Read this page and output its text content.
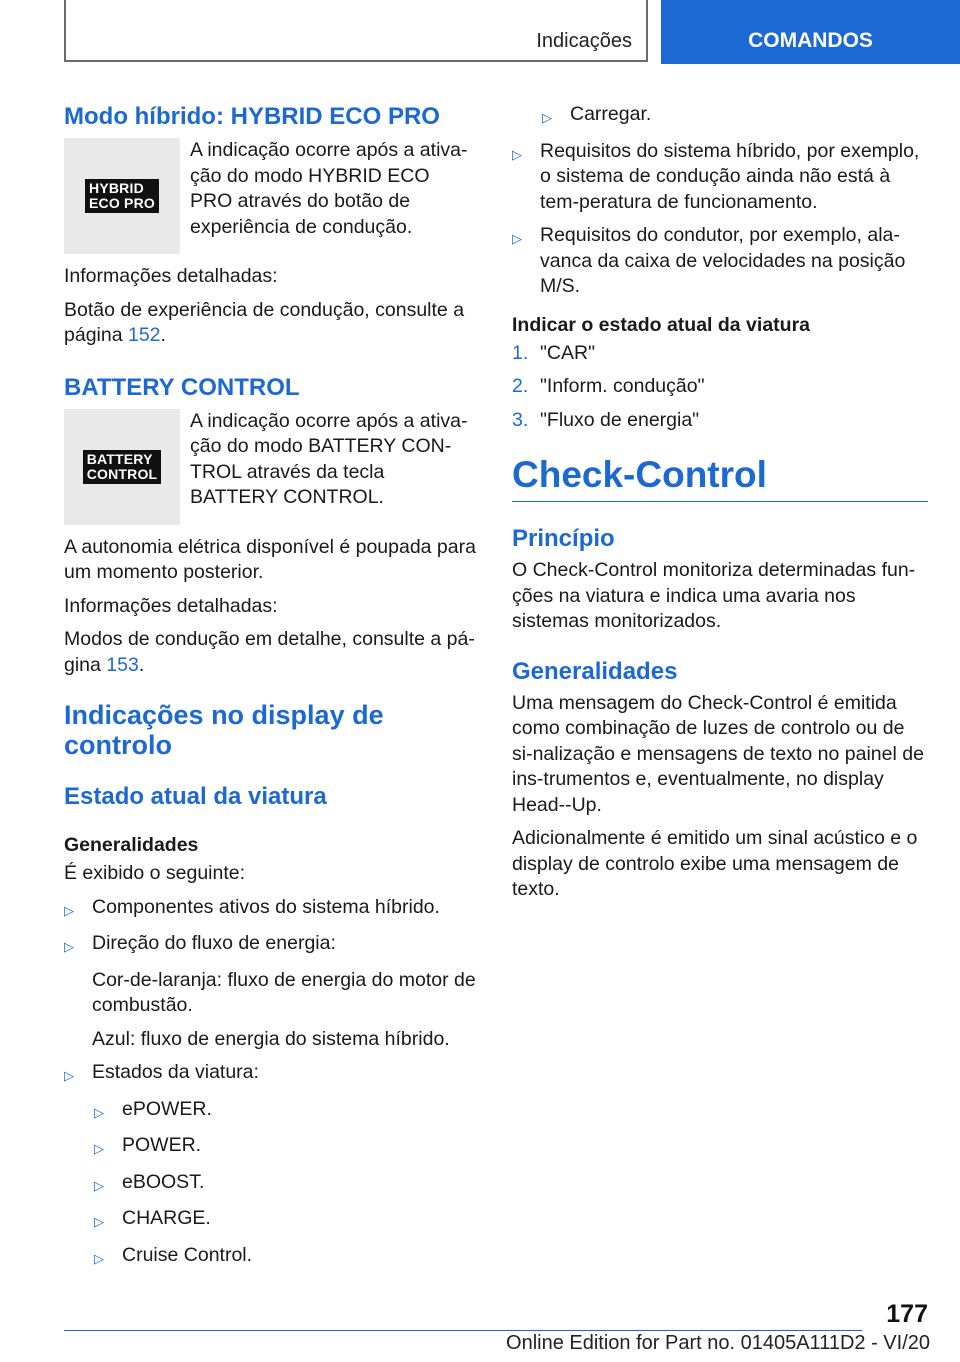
Indicações	COMANDOS
Modo híbrido: HYBRID ECO PRO
HYBRID
ECO PRO
A indicação ocorre após a ativa-ção do modo HYBRID ECO PRO através do botão de experiência de condução.

Informações detalhadas:

Botão de experiência de condução, consulte a página 152.

BATTERY CONTROL
BATTERY
CONTROL
A indicação ocorre após a ativa-ção do modo BATTERY CON-TROL através da tecla BATTERY CONTROL.

A autonomia elétrica disponível é poupada para um momento posterior.

Informações detalhadas:

Modos de condução em detalhe, consulte a pá-gina 153.

Indicações no display de controlo
Estado atual da viatura
Generalidades

É exibido o seguinte:

▷ Componentes ativos do sistema híbrido.
▷ Direção do fluxo de energia:

Cor-de-laranja: fluxo de energia do motor de combustão.

Azul: fluxo de energia do sistema híbrido.

▷ Estados da viatura:
▷ ePOWER.
▷ POWER.
▷ eBOOST.
▷ CHARGE.
▷ Cruise Control.
▷ Carregar.
▷ Requisitos do sistema híbrido, por exemplo, o sistema de condução ainda não está à tem-peratura de funcionamento.
▷ Requisitos do condutor, por exemplo, ala-vanca da caixa de velocidades na posição M/S.
Indicar o estado atual da viatura
1. "CAR"
2. "Inform. condução"
3. "Fluxo de energia"
Check-Control
Princípio

O Check-Control monitoriza determinadas fun-ções na viatura e indica uma avaria nos sistemas monitorizados.

Generalidades

Uma mensagem do Check-Control é emitida como combinação de luzes de controlo ou de si-nalização e mensagens de texto no painel de ins-trumentos e, eventualmente, no display Head--Up.

Adicionalmente é emitido um sinal acústico e o display de controlo exibe uma mensagem de texto.

177
Online Edition for Part no. 01405A111D2 - VI/20
